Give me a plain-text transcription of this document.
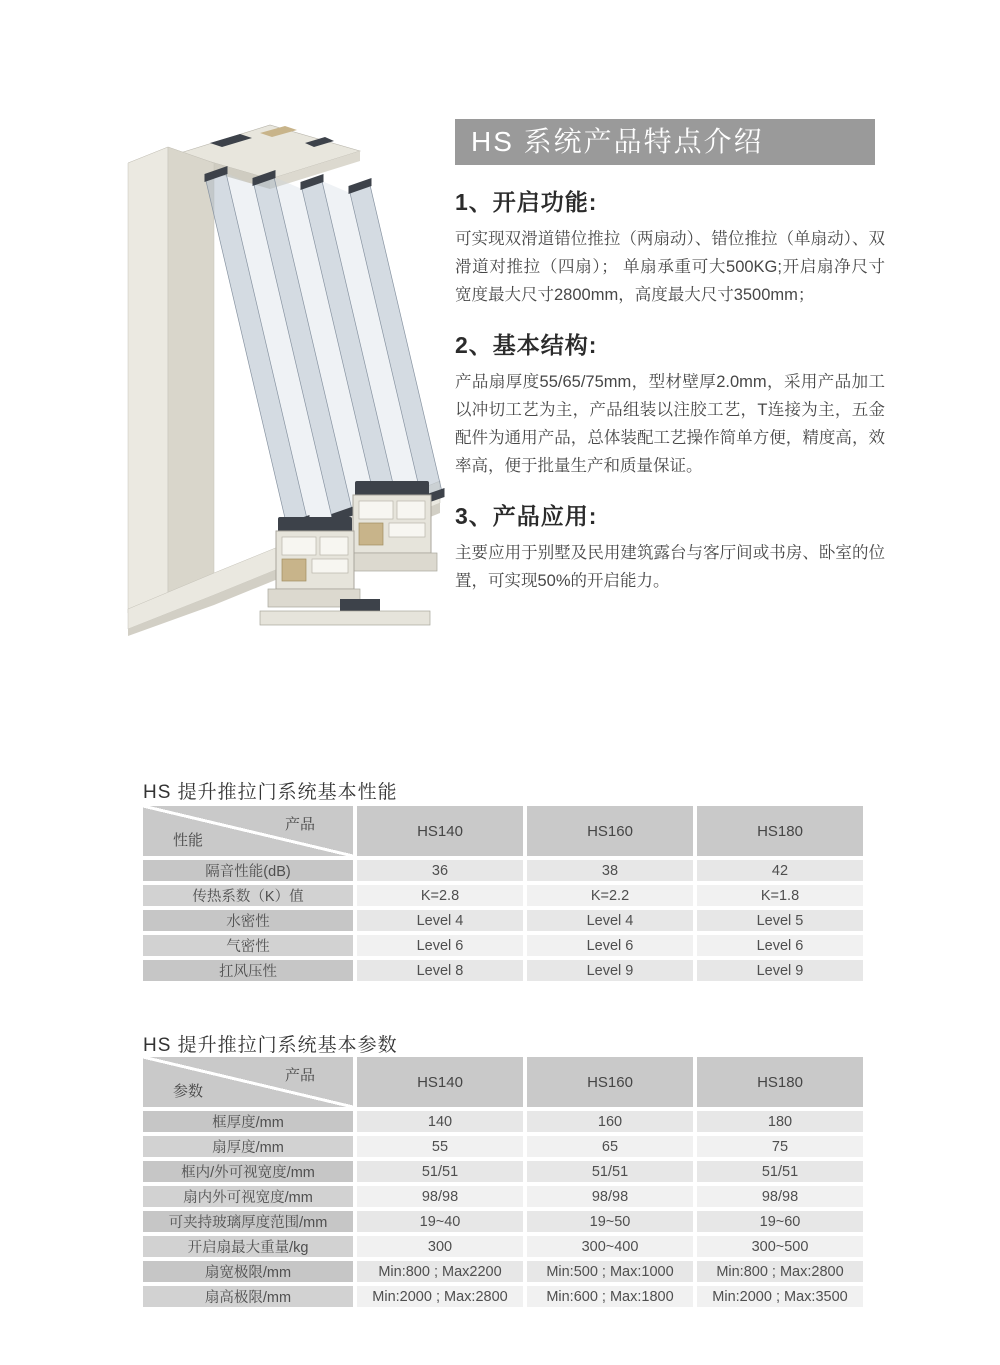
HS 系统产品特点介绍
1、开启功能:

可实现双滑道错位推拉（两扇动）、错位推拉（单扇动）、双滑道对推拉（四扇）； 单扇承重可大500KG;开启扇净尺寸宽度最大尺寸2800mm，高度最大尺寸3500mm；

2、基本结构:

产品扇厚度55/65/75mm，型材壁厚2.0mm，采用产品加工以冲切工艺为主，产品组装以注胶工艺，T连接为主，五金配件为通用产品，总体装配工艺操作简单方便，精度高，效率高，便于批量生产和质量保证。

3、产品应用:

主要应用于别墅及民用建筑露台与客厅间或书房、卧室的位置，可实现50%的开启能力。

HS 提升推拉门系统基本性能
产品
性能
HS140	HS160	HS180
隔音性能(dB)	36	38	42
传热系数（K）值	K=2.8	K=2.2	K=1.8
水密性	Level 4	Level 4	Level 5
气密性	Level 6	Level 6	Level 6
扛风压性	Level 8	Level 9	Level 9
HS 提升推拉门系统基本参数
产品
参数
HS140	HS160	HS180
框厚度/mm	140	160	180
扇厚度/mm	55	65	75
框内/外可视宽度/mm	51/51	51/51	51/51
扇内外可视宽度/mm	98/98	98/98	98/98
可夹持玻璃厚度范围/mm	19~40	19~50	19~60
开启扇最大重量/kg	300	300~400	300~500
扇宽极限/mm	Min:800 ; Max2200	Min:500 ; Max:1000	Min:800 ; Max:2800
扇高极限/mm	Min:2000 ; Max:2800	Min:600 ; Max:1800	Min:2000 ; Max:3500
